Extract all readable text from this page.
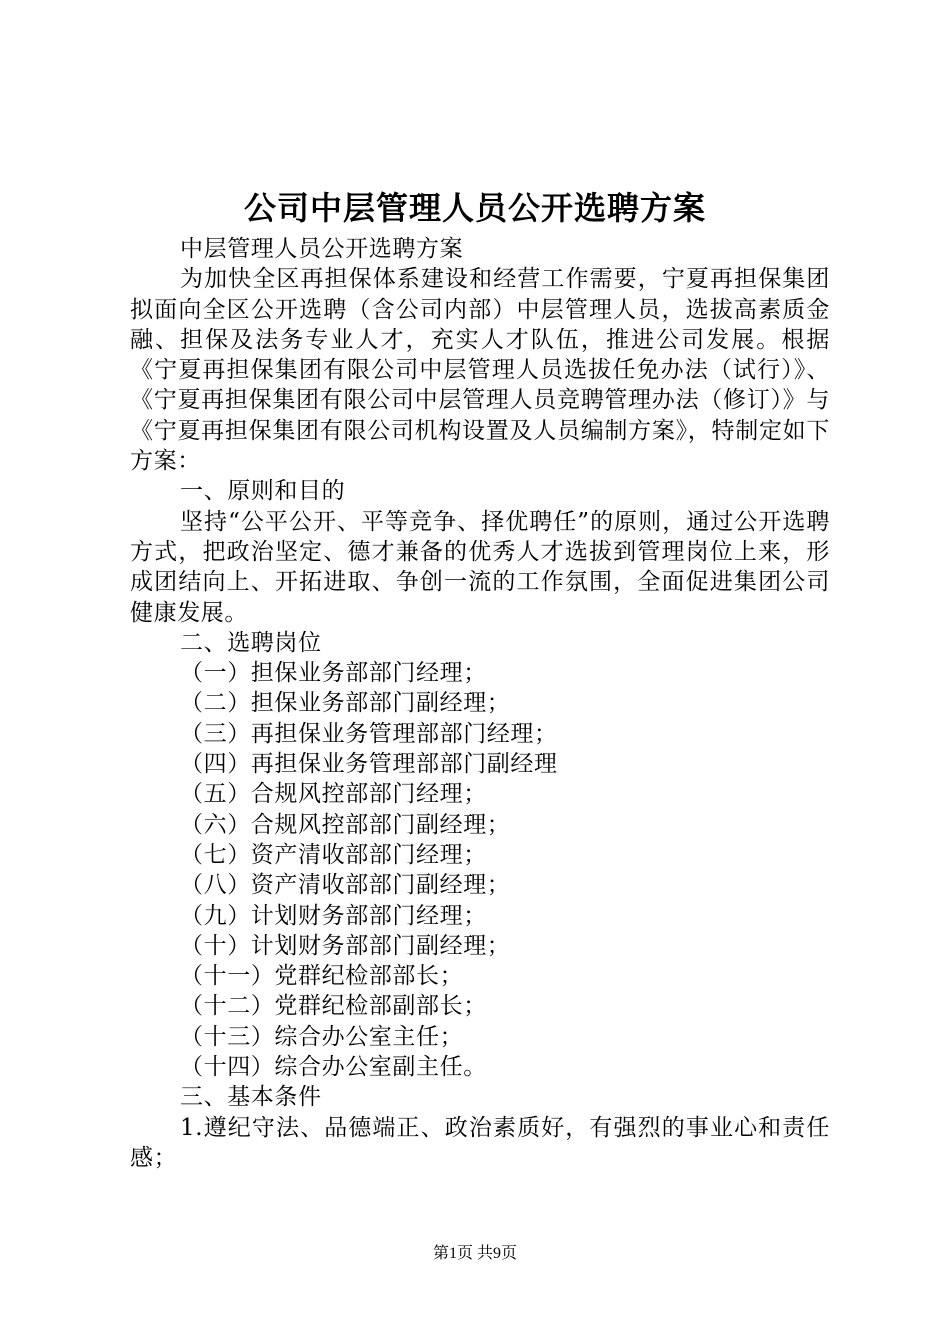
公司中层管理人员公开选聘方案

中层管理人员公开选聘方案

为加快全区再担保体系建设和经营工作需要，宁夏再担保集团拟面向全区公开选聘（含公司内部）中层管理人员，选拔高素质金融、担保及法务专业人才，充实人才队伍，推进公司发展。根据《宁夏再担保集团有限公司中层管理人员选拔任免办法（试行）》、《宁夏再担保集团有限公司中层管理人员竞聘管理办法（修订）》与《宁夏再担保集团有限公司机构设置及人员编制方案》，特制定如下方案：

一、原则和目的

坚持“公平公开、平等竞争、择优聘任”的原则，通过公开选聘方式，把政治坚定、德才兼备的优秀人才选拔到管理岗位上来，形成团结向上、开拓进取、争创一流的工作氛围，全面促进集团公司健康发展。

二、选聘岗位

（一）担保业务部部门经理；

（二）担保业务部部门副经理；

（三）再担保业务管理部部门经理；

（四）再担保业务管理部部门副经理

（五）合规风控部部门经理；

（六）合规风控部部门副经理；

（七）资产清收部部门经理；

（八）资产清收部部门副经理；

（九）计划财务部部门经理；

（十）计划财务部部门副经理；

（十一）党群纪检部部长；

（十二）党群纪检部副部长；

（十三）综合办公室主任；

（十四）综合办公室副主任。

三、基本条件

1.遵纪守法、品德端正、政治素质好，有强烈的事业心和责任感；

第1页 共9页
